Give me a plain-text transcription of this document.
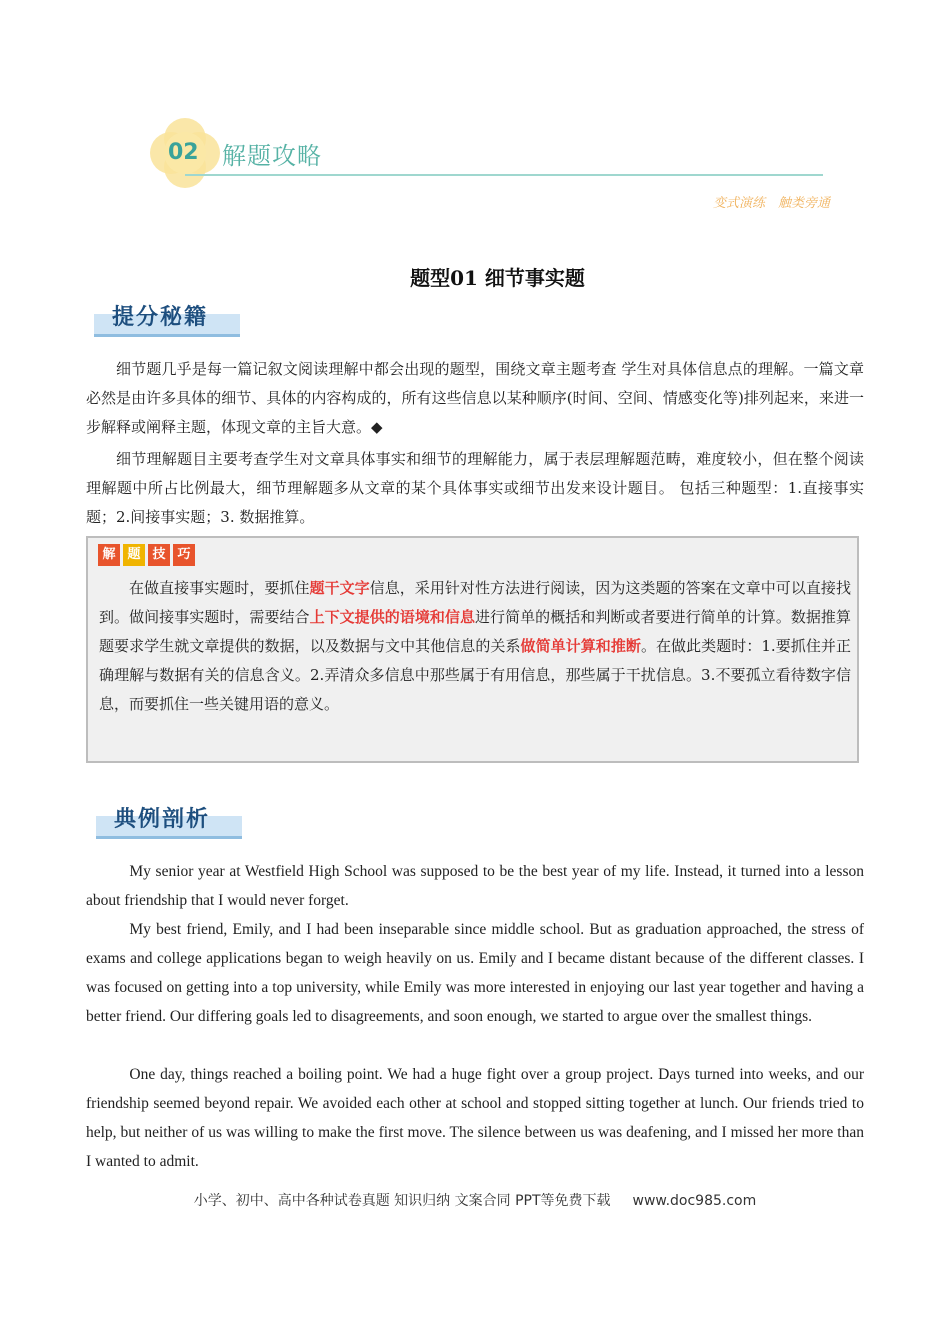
02 解题攻略
变式演练　触类旁通
题型01 细节事实题
提分秘籍

细节题几乎是每一篇记叙文阅读理解中都会出现的题型，围绕文章主题考查 学生对具体信息点的理解。一篇文章必然是由许多具体的细节、具体的内容构成的，所有这些信息以某种顺序(时间、空间、情感变化等)排列起来，来进一步解释或阐释主题，体现文章的主旨大意。◆

细节理解题目主要考查学生对文章具体事实和细节的理解能力，属于表层理解题范畴，难度较小，但在整个阅读理解题中所占比例最大，细节理解题多从文章的某个具体事实或细节出发来设计题目。 包括三种题型：1.直接事实题；2.间接事实题；3. 数据推算。

解 题 技 巧

在做直接事实题时，要抓住题干文字信息，采用针对性方法进行阅读，因为这类题的答案在文章中可以直接找到。做间接事实题时，需要结合上下文提供的语境和信息进行简单的概括和判断或者要进行简单的计算。数据推算题要求学生就文章提供的数据，以及数据与文中其他信息的关系做简单计算和推断。在做此类题时：1.要抓住并正确理解与数据有关的信息含义。2.弄清众多信息中那些属于有用信息，那些属于干扰信息。3.不要孤立看待数字信息，而要抓住一些关键用语的意义。

典例剖析

My senior year at Westfield High School was supposed to be the best year of my life. Instead, it turned into a lesson about friendship that I would never forget.

My best friend, Emily, and I had been inseparable since middle school. But as graduation approached, the stress of exams and college applications began to weigh heavily on us. Emily and I became distant because of the different classes. I was focused on getting into a top university, while Emily was more interested in enjoying our last year together and having a better friend. Our differing goals led to disagreements, and soon enough, we started to argue over the smallest things.

One day, things reached a boiling point. We had a huge fight over a group project. Days turned into weeks, and our friendship seemed beyond repair. We avoided each other at school and stopped sitting together at lunch. Our friends tried to help, but neither of us was willing to make the first move. The silence between us was deafening, and I missed her more than I wanted to admit.

小学、初中、高中各种试卷真题 知识归纳 文案合同 PPT等免费下载 www.doc985.com
